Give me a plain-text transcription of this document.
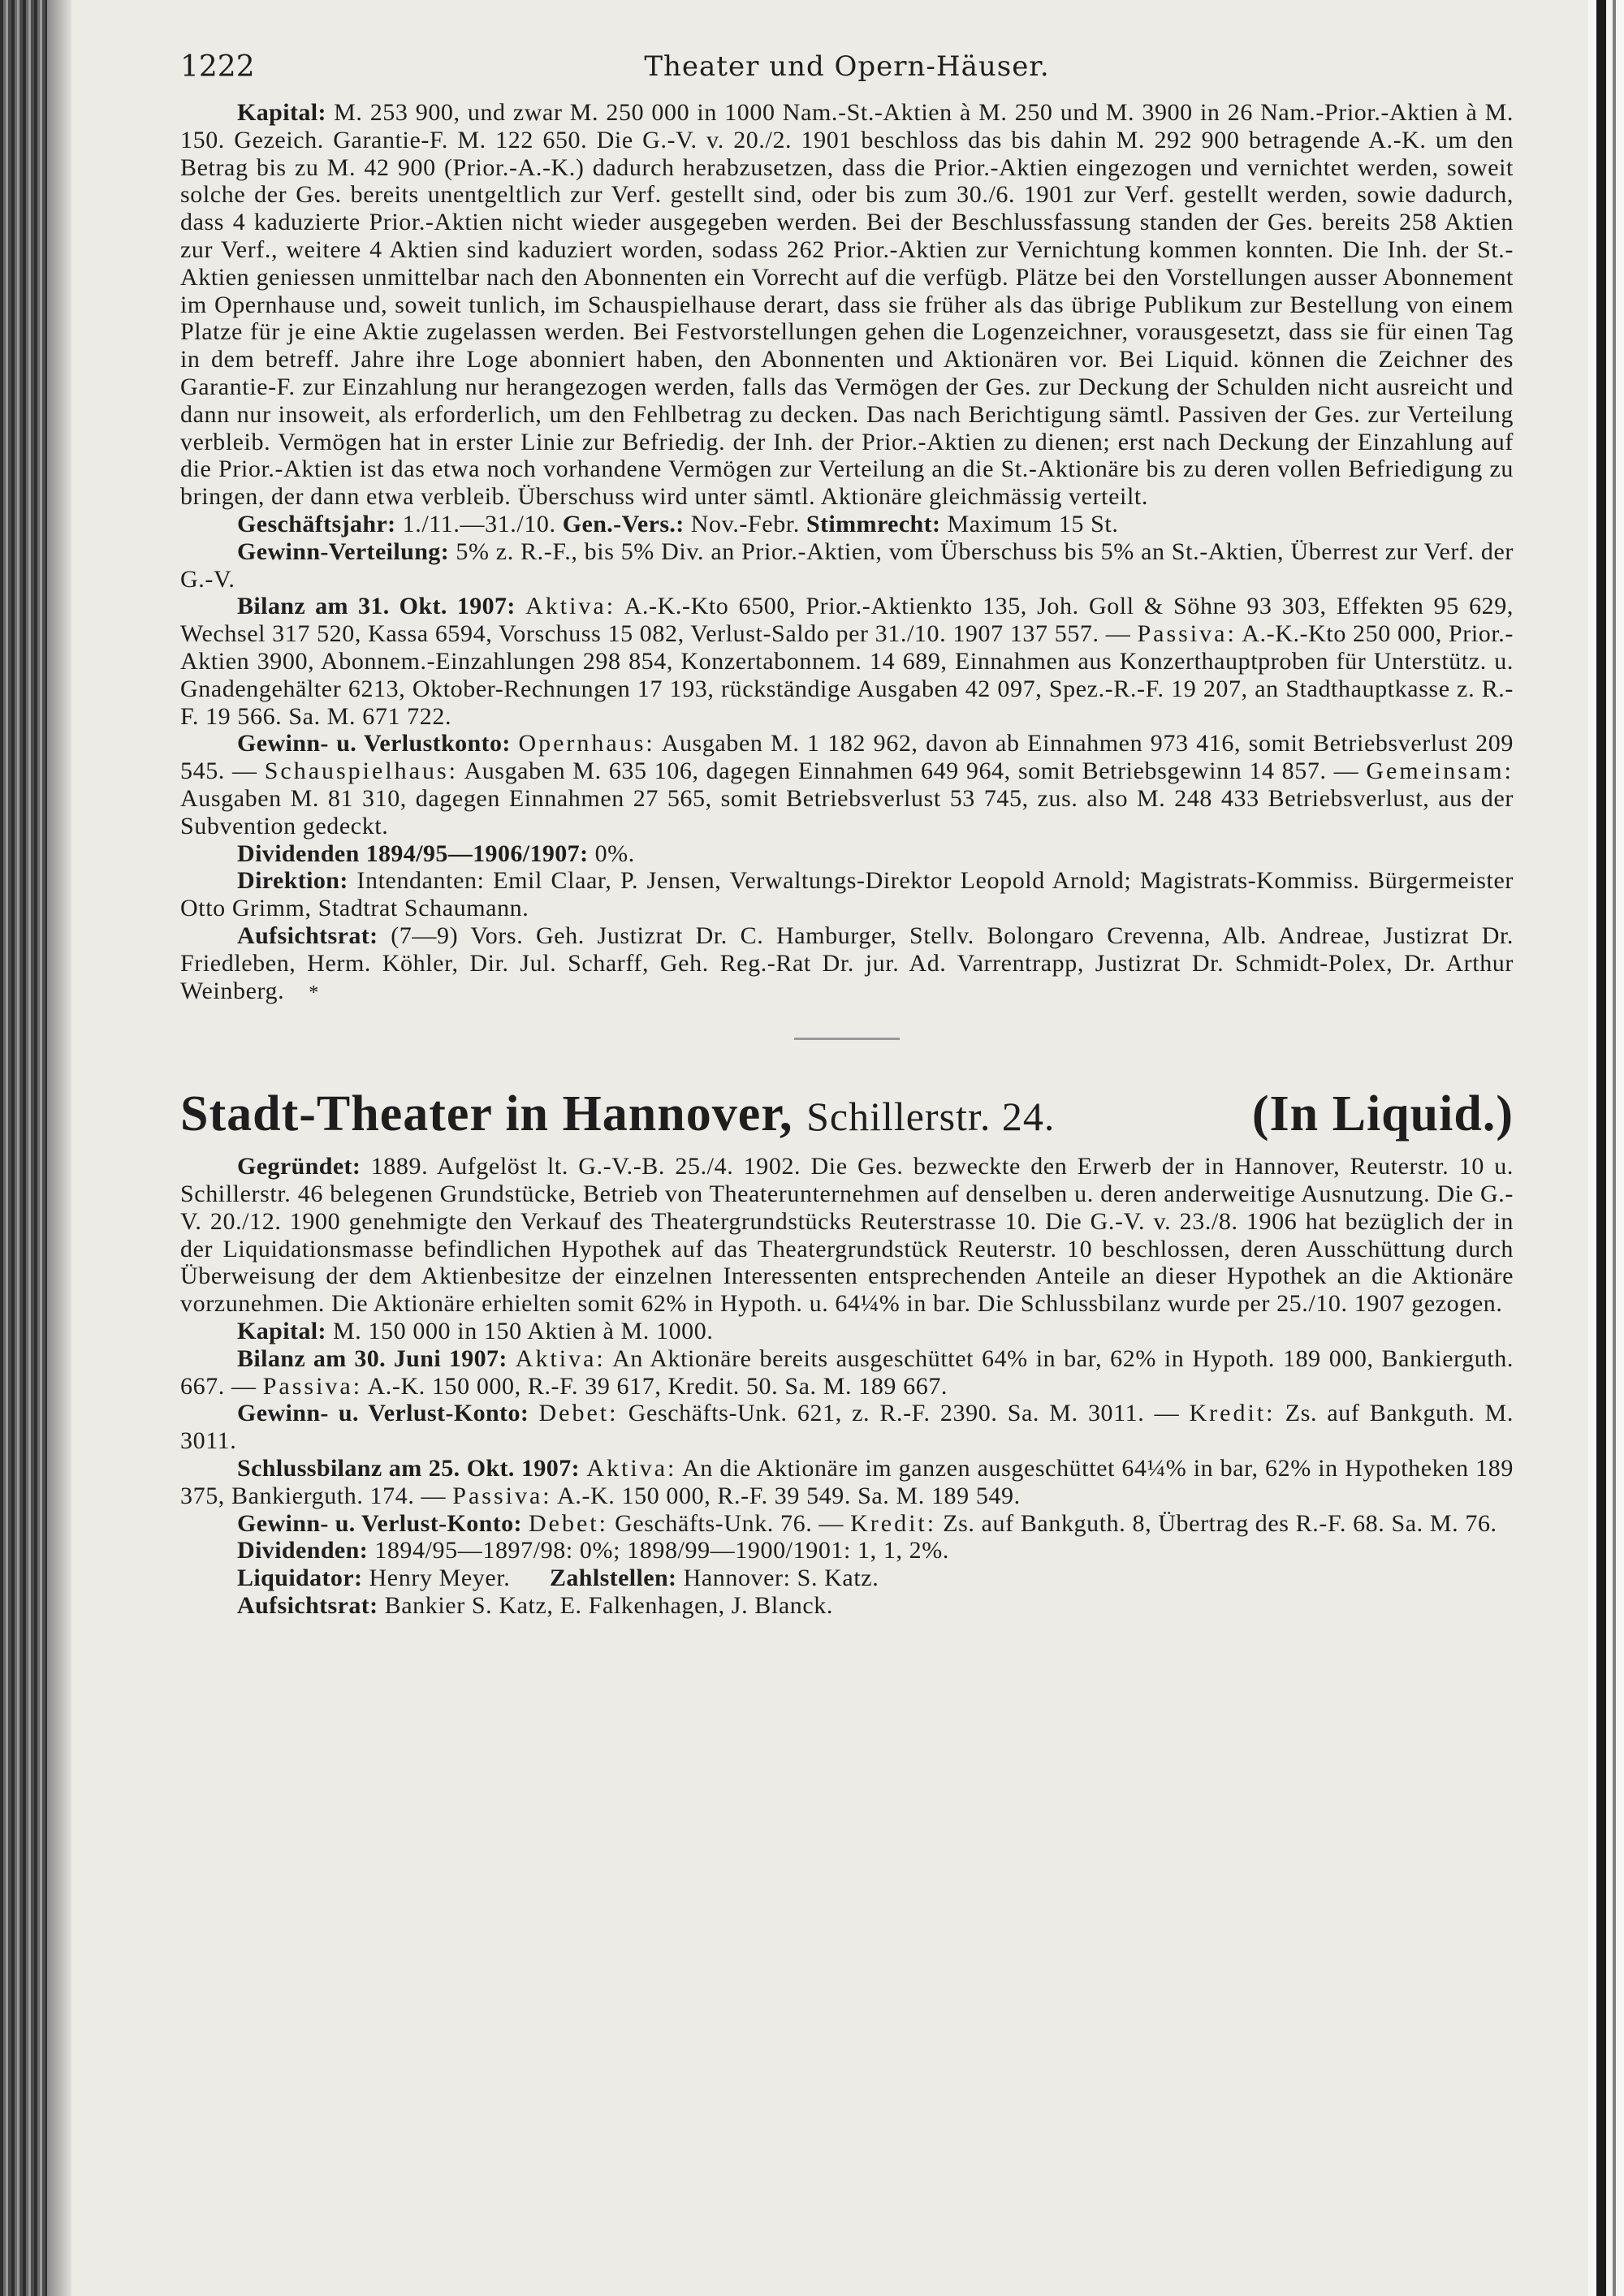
1222	Theater und Opern-Häuser.

Kapital: M. 253 900, und zwar M. 250 000 in 1000 Nam.-St.-Aktien à M. 250 und M. 3900 in 26 Nam.-Prior.-Aktien à M. 150. Gezeich. Garantie-F. M. 122 650. Die G.-V. v. 20./2. 1901 beschloss das bis dahin M. 292 900 betragende A.-K. um den Betrag bis zu M. 42 900 (Prior.-A.-K.) dadurch herabzusetzen, dass die Prior.-Aktien eingezogen und vernichtet werden, soweit solche der Ges. bereits unentgeltlich zur Verf. gestellt sind, oder bis zum 30./6. 1901 zur Verf. gestellt werden, sowie dadurch, dass 4 kaduzierte Prior.-Aktien nicht wieder ausgegeben werden. Bei der Beschlussfassung standen der Ges. bereits 258 Aktien zur Verf., weitere 4 Aktien sind kaduziert worden, sodass 262 Prior.-Aktien zur Vernichtung kommen konnten. Die Inh. der St.-Aktien geniessen unmittelbar nach den Abonnenten ein Vorrecht auf die verfügb. Plätze bei den Vorstellungen ausser Abonnement im Opernhause und, soweit tunlich, im Schauspielhause derart, dass sie früher als das übrige Publikum zur Bestellung von einem Platze für je eine Aktie zugelassen werden. Bei Festvorstellungen gehen die Logenzeichner, vorausgesetzt, dass sie für einen Tag in dem betreff. Jahre ihre Loge abonniert haben, den Abonnenten und Aktionären vor. Bei Liquid. können die Zeichner des Garantie-F. zur Einzahlung nur herangezogen werden, falls das Vermögen der Ges. zur Deckung der Schulden nicht ausreicht und dann nur insoweit, als erforderlich, um den Fehlbetrag zu decken. Das nach Berichtigung sämtl. Passiven der Ges. zur Verteilung verbleib. Vermögen hat in erster Linie zur Befriedig. der Inh. der Prior.-Aktien zu dienen; erst nach Deckung der Einzahlung auf die Prior.-Aktien ist das etwa noch vorhandene Vermögen zur Verteilung an die St.-Aktionäre bis zu deren vollen Befriedigung zu bringen, der dann etwa verbleib. Überschuss wird unter sämtl. Aktionäre gleichmässig verteilt.

Geschäftsjahr: 1./11.—31./10. Gen.-Vers.: Nov.-Febr. Stimmrecht: Maximum 15 St.

Gewinn-Verteilung: 5% z. R.-F., bis 5% Div. an Prior.-Aktien, vom Überschuss bis 5% an St.-Aktien, Überrest zur Verf. der G.-V.

Bilanz am 31. Okt. 1907: Aktiva: A.-K.-Kto 6500, Prior.-Aktienkto 135, Joh. Goll & Söhne 93 303, Effekten 95 629, Wechsel 317 520, Kassa 6594, Vorschuss 15 082, Verlust-Saldo per 31./10. 1907 137 557. — Passiva: A.-K.-Kto 250 000, Prior.-Aktien 3900, Abonnem.-Einzahlungen 298 854, Konzertabonnem. 14 689, Einnahmen aus Konzerthauptproben für Unterstütz. u. Gnadengehälter 6213, Oktober-Rechnungen 17 193, rückständige Ausgaben 42 097, Spez.-R.-F. 19 207, an Stadthauptkasse z. R.-F. 19 566. Sa. M. 671 722.

Gewinn- u. Verlustkonto: Opernhaus: Ausgaben M. 1 182 962, davon ab Einnahmen 973 416, somit Betriebsverlust 209 545. — Schauspielhaus: Ausgaben M. 635 106, dagegen Einnahmen 649 964, somit Betriebsgewinn 14 857. — Gemeinsam: Ausgaben M. 81 310, dagegen Einnahmen 27 565, somit Betriebsverlust 53 745, zus. also M. 248 433 Betriebsverlust, aus der Subvention gedeckt.

Dividenden 1894/95—1906/1907: 0%.

Direktion: Intendanten: Emil Claar, P. Jensen, Verwaltungs-Direktor Leopold Arnold; Magistrats-Kommiss. Bürgermeister Otto Grimm, Stadtrat Schaumann.

Aufsichtsrat: (7—9) Vors. Geh. Justizrat Dr. C. Hamburger, Stellv. Bolongaro Crevenna, Alb. Andreae, Justizrat Dr. Friedleben, Herm. Köhler, Dir. Jul. Scharff, Geh. Reg.-Rat Dr. jur. Ad. Varrentrapp, Justizrat Dr. Schmidt-Polex, Dr. Arthur Weinberg. *

Stadt-Theater in Hannover, Schillerstr. 24.	(In Liquid.)

Gegründet: 1889. Aufgelöst lt. G.-V.-B. 25./4. 1902. Die Ges. bezweckte den Erwerb der in Hannover, Reuterstr. 10 u. Schillerstr. 46 belegenen Grundstücke, Betrieb von Theaterunternehmen auf denselben u. deren anderweitige Ausnutzung. Die G.-V. 20./12. 1900 genehmigte den Verkauf des Theatergrundstücks Reuterstrasse 10. Die G.-V. v. 23./8. 1906 hat bezüglich der in der Liquidationsmasse befindlichen Hypothek auf das Theatergrundstück Reuterstr. 10 beschlossen, deren Ausschüttung durch Überweisung der dem Aktienbesitze der einzelnen Interessenten entsprechenden Anteile an dieser Hypothek an die Aktionäre vorzunehmen. Die Aktionäre erhielten somit 62% in Hypoth. u. 64¼% in bar. Die Schlussbilanz wurde per 25./10. 1907 gezogen.

Kapital: M. 150 000 in 150 Aktien à M. 1000.

Bilanz am 30. Juni 1907: Aktiva: An Aktionäre bereits ausgeschüttet 64% in bar, 62% in Hypoth. 189 000, Bankierguth. 667. — Passiva: A.-K. 150 000, R.-F. 39 617, Kredit. 50. Sa. M. 189 667.

Gewinn- u. Verlust-Konto: Debet: Geschäfts-Unk. 621, z. R.-F. 2390. Sa. M. 3011. — Kredit: Zs. auf Bankguth. M. 3011.

Schlussbilanz am 25. Okt. 1907: Aktiva: An die Aktionäre im ganzen ausgeschüttet 64¼% in bar, 62% in Hypotheken 189 375, Bankierguth. 174. — Passiva: A.-K. 150 000, R.-F. 39 549. Sa. M. 189 549.

Gewinn- u. Verlust-Konto: Debet: Geschäfts-Unk. 76. — Kredit: Zs. auf Bankguth. 8, Übertrag des R.-F. 68. Sa. M. 76.

Dividenden: 1894/95—1897/98: 0%; 1898/99—1900/1901: 1, 1, 2%.

Liquidator: Henry Meyer. Zahlstellen: Hannover: S. Katz.

Aufsichtsrat: Bankier S. Katz, E. Falkenhagen, J. Blanck.
